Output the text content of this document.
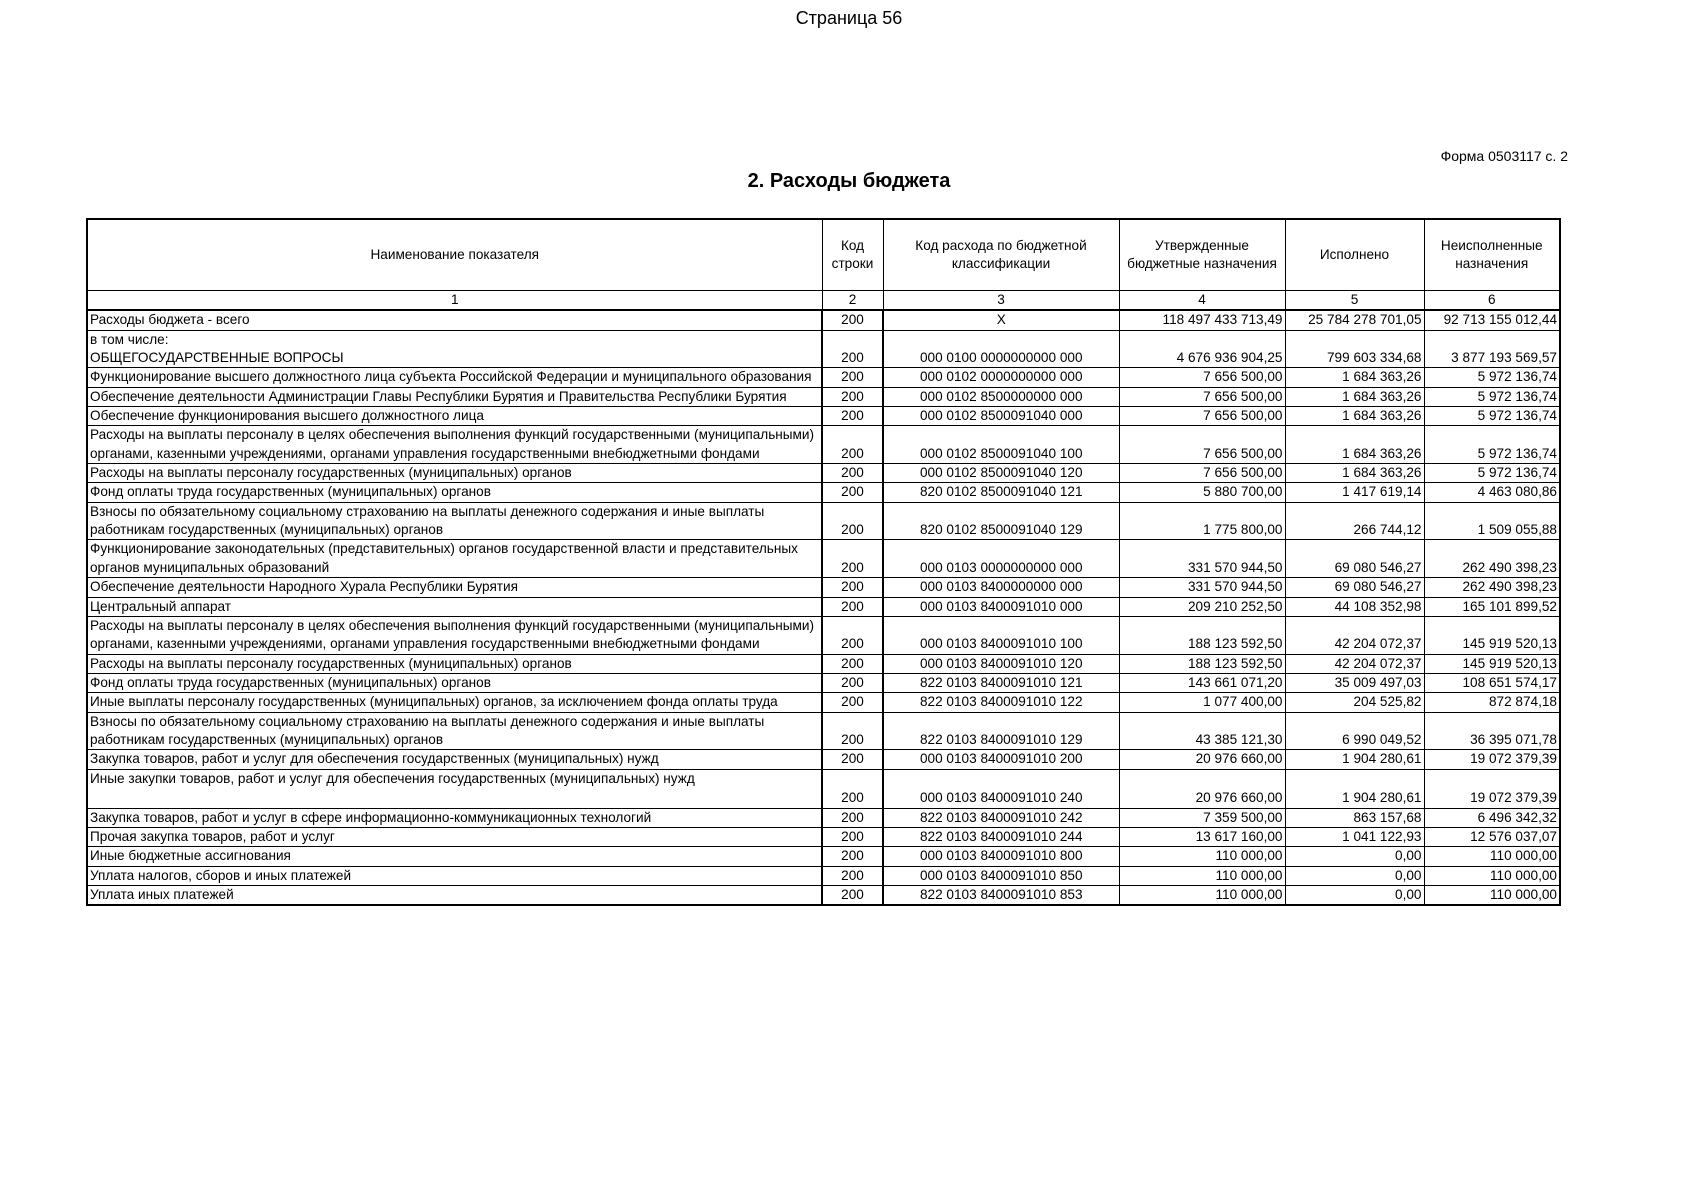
Страница 56
Форма 0503117 с. 2
2. Расходы бюджета
Наименование показателя	Код строки	Код расхода по бюджетной классификации	Утвержденные бюджетные назначения	Исполнено	Неисполненные назначения
1	2	3	4	5	6
Расходы бюджета - всего	200	X	118 497 433 713,49	25 784 278 701,05	92 713 155 012,44

в том числе:
ОБЩЕГОСУДАРСТВЕННЫЕ ВОПРОСЫ	200	000 0100 0000000000 000	4 676 936 904,25	799 603 334,68	3 877 193 569,57
Функционирование высшего должностного лица субъекта Российской Федерации и муниципального образования	200	000 0102 0000000000 000	7 656 500,00	1 684 363,26	5 972 136,74
Обеспечение деятельности Администрации Главы Республики Бурятия и Правительства Республики Бурятия	200	000 0102 8500000000 000	7 656 500,00	1 684 363,26	5 972 136,74
Обеспечение функционирования высшего должностного лица	200	000 0102 8500091040 000	7 656 500,00	1 684 363,26	5 972 136,74
Расходы на выплаты персоналу в целях обеспечения выполнения функций государственными (муниципальными) органами, казенными учреждениями, органами управления государственными внебюджетными фондами	200	000 0102 8500091040 100	7 656 500,00	1 684 363,26	5 972 136,74
Расходы на выплаты персоналу государственных (муниципальных) органов	200	000 0102 8500091040 120	7 656 500,00	1 684 363,26	5 972 136,74
Фонд оплаты труда государственных (муниципальных) органов	200	820 0102 8500091040 121	5 880 700,00	1 417 619,14	4 463 080,86
Взносы по обязательному социальному страхованию на выплаты денежного содержания и иные выплаты работникам государственных (муниципальных) органов	200	820 0102 8500091040 129	1 775 800,00	266 744,12	1 509 055,88
Функционирование законодательных (представительных) органов государственной власти и представительных органов муниципальных образований	200	000 0103 0000000000 000	331 570 944,50	69 080 546,27	262 490 398,23
Обеспечение деятельности Народного Хурала Республики Бурятия	200	000 0103 8400000000 000	331 570 944,50	69 080 546,27	262 490 398,23
Центральный аппарат	200	000 0103 8400091010 000	209 210 252,50	44 108 352,98	165 101 899,52
Расходы на выплаты персоналу в целях обеспечения выполнения функций государственными (муниципальными) органами, казенными учреждениями, органами управления государственными внебюджетными фондами	200	000 0103 8400091010 100	188 123 592,50	42 204 072,37	145 919 520,13
Расходы на выплаты персоналу государственных (муниципальных) органов	200	000 0103 8400091010 120	188 123 592,50	42 204 072,37	145 919 520,13
Фонд оплаты труда государственных (муниципальных) органов	200	822 0103 8400091010 121	143 661 071,20	35 009 497,03	108 651 574,17
Иные выплаты персоналу государственных (муниципальных) органов, за исключением фонда оплаты труда	200	822 0103 8400091010 122	1 077 400,00	204 525,82	872 874,18
Взносы по обязательному социальному страхованию на выплаты денежного содержания и иные выплаты работникам государственных (муниципальных) органов	200	822 0103 8400091010 129	43 385 121,30	6 990 049,52	36 395 071,78
Закупка товаров, работ и услуг для обеспечения государственных (муниципальных) нужд	200	000 0103 8400091010 200	20 976 660,00	1 904 280,61	19 072 379,39
Иные закупки товаров, работ и услуг для обеспечения государственных (муниципальных) нужд	200	000 0103 8400091010 240	20 976 660,00	1 904 280,61	19 072 379,39
Закупка товаров, работ и услуг в сфере информационно-коммуникационных технологий	200	822 0103 8400091010 242	7 359 500,00	863 157,68	6 496 342,32
Прочая закупка товаров, работ и услуг	200	822 0103 8400091010 244	13 617 160,00	1 041 122,93	12 576 037,07
Иные бюджетные ассигнования	200	000 0103 8400091010 800	110 000,00	0,00	110 000,00
Уплата налогов, сборов и иных платежей	200	000 0103 8400091010 850	110 000,00	0,00	110 000,00
Уплата иных платежей	200	822 0103 8400091010 853	110 000,00	0,00	110 000,00
